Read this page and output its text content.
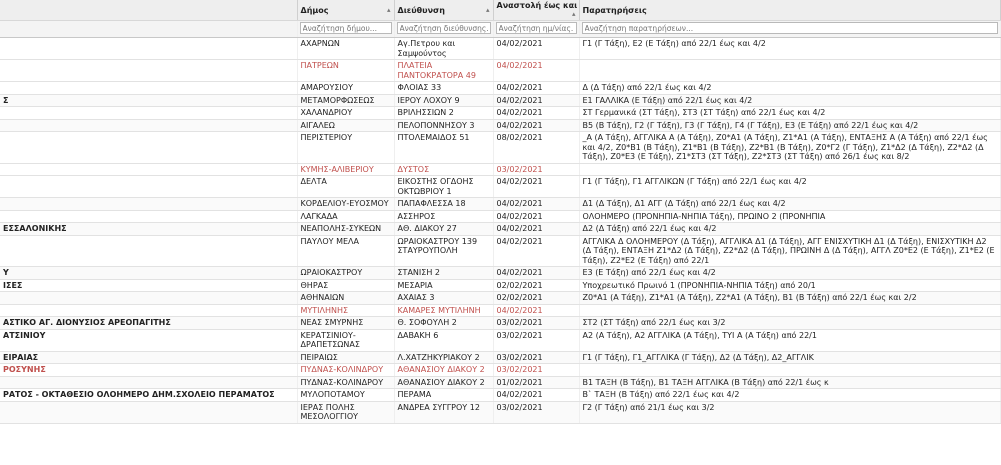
	Δήμος ▴	Διεύθυνση ▴	Αναστολή έως και
▴	Παρατηρήσεις
	Αναζήτηση δήμου...	Αναζήτηση διεύθυνσης...	Αναζήτηση ημ/νίας...	Αναζήτηση παρατηρήσεων...
	ΑΧΑΡΝΩΝ	Αγ.Πετρου και Σαμψούντος	04/02/2021	Γ1 (Γ Τάξη), Ε2 (Ε Τάξη) από 22/1 έως και 4/2
	ΠΑΤΡΕΩΝ	ΠΛΑΤΕΙΑ ΠΑΝΤΟΚΡΑΤΟΡΑ 49	04/02/2021	
	ΑΜΑΡΟΥΣΙΟΥ	ΦΛΟΙΑΣ 33	04/02/2021	Δ (Δ Τάξη) από 22/1 έως και 4/2
Σ	ΜΕΤΑΜΟΡΦΩΣΕΩΣ	ΙΕΡΟΥ ΛΟΧΟΥ 9	04/02/2021	Ε1 ΓΑΛΛΙΚΑ (Ε Τάξη) από 22/1 έως και 4/2
	ΧΑΛΑΝΔΡΙΟΥ	ΒΡΙΛΗΣΣΙΩΝ 2	04/02/2021	ΣΤ Γερμανικά (ΣΤ Τάξη), ΣΤ3 (ΣΤ Τάξη) από 22/1 έως και 4/2
	ΑΙΓΑΛΕΩ	ΠΕΛΟΠΟΝΝΗΣΟΥ 3	04/02/2021	Β5 (Β Τάξη), Γ2 (Γ Τάξη), Γ3 (Γ Τάξη), Γ4 (Γ Τάξη), Ε3 (Ε Τάξη) από 22/1 έως και 4/2
	ΠΕΡΙΣΤΕΡΙΟΥ	ΠΤΟΛΕΜΑΙΔΟΣ 51	08/02/2021	_Α (Α Τάξη), ΑΓΓΛΙΚΑ Α (Α Τάξη), Z0*A1 (Α Τάξη), Z1*A1 (Α Τάξη), ΕΝΤΑΞΗΣ Α (Α Τάξη) από 22/1 έως και 4/2, Z0*B1 (Β Τάξη), Z1*B1 (Β Τάξη), Z2*B1 (Β Τάξη), Z0*Γ2 (Γ Τάξη), Z1*Δ2 (Δ Τάξη), Z2*Δ2 (Δ Τάξη), Z0*E3 (Ε Τάξη), Z1*ΣΤ3 (ΣΤ Τάξη), Z2*ΣΤ3 (ΣΤ Τάξη) από 26/1 έως και 8/2
	ΚΥΜΗΣ-ΑΛΙΒΕΡΙΟΥ	ΔΥΣΤΟΣ	03/02/2021	
	ΔΕΛΤΑ	ΕΙΚΟΣΤΗΣ ΟΓΔΟΗΣ ΟΚΤΩΒΡΙΟΥ 1	04/02/2021	Γ1 (Γ Τάξη), Γ1 ΑΓΓΛΙΚΩΝ (Γ Τάξη) από 22/1 έως και 4/2
	ΚΟΡΔΕΛΙΟΥ-ΕΥΟΣΜΟΥ	ΠΑΠΑΦΛΕΣΣΑ 18	04/02/2021	Δ1 (Δ Τάξη), Δ1 ΑΓΓ (Δ Τάξη) από 22/1 έως και 4/2
	ΛΑΓΚΑΔΑ	ΑΣΣΗΡΟΣ	04/02/2021	ΟΛΟΗΜΕΡΟ (ΠΡΟΝΗΠΙΑ-ΝΗΠΙΑ Τάξη), ΠΡΩΙΝΟ 2 (ΠΡΟΝΗΠΙΑ
ΕΣΣΑΛΟΝΙΚΗΣ	ΝΕΑΠΟΛΗΣ-ΣΥΚΕΩΝ	ΑΘ. ΔΙΑΚΟΥ 27	04/02/2021	Δ2 (Δ Τάξη) από 22/1 έως και 4/2
	ΠΑΥΛΟΥ ΜΕΛΑ	ΩΡΑΙΟΚΑΣΤΡΟΥ 139 ΣΤΑΥΡΟΥΠΟΛΗ	04/02/2021	ΑΓΓΛΙΚΑ Δ ΟΛΟΗΜΕΡΟΥ (Δ Τάξη), ΑΓΓΛΙΚΑ Δ1 (Δ Τάξη), ΑΓΓ ΕΝΙΣΧΥΤΙΚΗ Δ1 (Δ Τάξη), ΕΝΙΣΧΥΤΙΚΗ Δ2 (Δ Τάξη), ΕΝΤΑΞΗ Z1*Δ2 (Δ Τάξη), Z2*Δ2 (Δ Τάξη), ΠΡΩΙΝΗ Δ (Δ Τάξη), ΑΓΓΛ Z0*E2 (Ε Τάξη), Z1*E2 (Ε Τάξη), Z2*E2 (Ε Τάξη) από 22/1
Υ	ΩΡΑΙΟΚΑΣΤΡΟΥ	ΣΤΑΝΙΣΗ 2	04/02/2021	Ε3 (Ε Τάξη) από 22/1 έως και 4/2
ΙΣΕΣ	ΘΗΡΑΣ	ΜΕΣΑΡΙΑ	02/02/2021	Υποχρεωτικό Πρωινό 1 (ΠΡΟΝΗΠΙΑ-ΝΗΠΙΑ Τάξη) από 20/1
	ΑΘΗΝΑΙΩΝ	ΑΧΑΙΑΣ 3	02/02/2021	Z0*A1 (Α Τάξη), Z1*A1 (Α Τάξη), Z2*A1 (Α Τάξη), Β1 (Β Τάξη) από 22/1 έως και 2/2
	ΜΥΤΙΛΗΝΗΣ	ΚΑΜΑΡΕΣ ΜΥΤΙΛΗΝΗ	04/02/2021	
ΑΣΤΙΚΟ ΑΓ. ΔΙΟΝΥΣΙΟΣ ΑΡΕΟΠΑΓΙΤΗΣ	ΝΕΑΣ ΣΜΥΡΝΗΣ	Θ. ΣΟΦΟΥΛΗ 2	03/02/2021	ΣΤ2 (ΣΤ Τάξη) από 22/1 έως και 3/2
ΑΤΣΙΝΙΟΥ	ΚΕΡΑΤΣΙΝΙΟΥ-ΔΡΑΠΕΤΣΩΝΑΣ	ΔΑΒΑΚΗ 6	03/02/2021	Α2 (Α Τάξη), Α2 ΑΓΓΛΙΚΑ (Α Τάξη), ΤΥΙ Α (Α Τάξη) από 22/1
ΕΙΡΑΙΑΣ	ΠΕΙΡΑΙΩΣ	Λ.ΧΑΤΖΗΚΥΡΙΑΚΟΥ 2	03/02/2021	Γ1 (Γ Τάξη), Γ1_ΑΓΓΛΙΚΑ (Γ Τάξη), Δ2 (Δ Τάξη), Δ2_ΑΓΓΛΙΚ
ΡΟΣΥΝΗΣ	ΠΥΔΝΑΣ-ΚΟΛΙΝΔΡΟΥ	ΑΘΑΝΑΣΙΟΥ ΔΙΑΚΟΥ 2	03/02/2021	
	ΠΥΔΝΑΣ-ΚΟΛΙΝΔΡΟΥ	ΑΘΑΝΑΣΙΟΥ ΔΙΑΚΟΥ 2	01/02/2021	Β1 ΤΑΞΗ (Β Τάξη), Β1 ΤΑΞΗ ΑΓΓΛΙΚΑ (Β Τάξη) από 22/1 έως κ
ΡΑΤΟΣ - ΟΚΤΑΘΕΣΙΟ ΟΛΟΗΜΕΡΟ ΔΗΜ.ΣΧΟΛΕΙΟ ΠΕΡΑΜΑΤΟΣ	ΜΥΛΟΠΟΤΑΜΟΥ	ΠΕΡΑΜΑ	04/02/2021	Β` ΤΑΞΗ (Β Τάξη) από 22/1 έως και 4/2
	ΙΕΡΑΣ ΠΟΛΗΣ ΜΕΣΟΛΟΓΓΙΟΥ	ΑΝΔΡΕΑ ΣΥΓΓΡΟΥ 12	03/02/2021	Γ2 (Γ Τάξη) από 21/1 έως και 3/2
